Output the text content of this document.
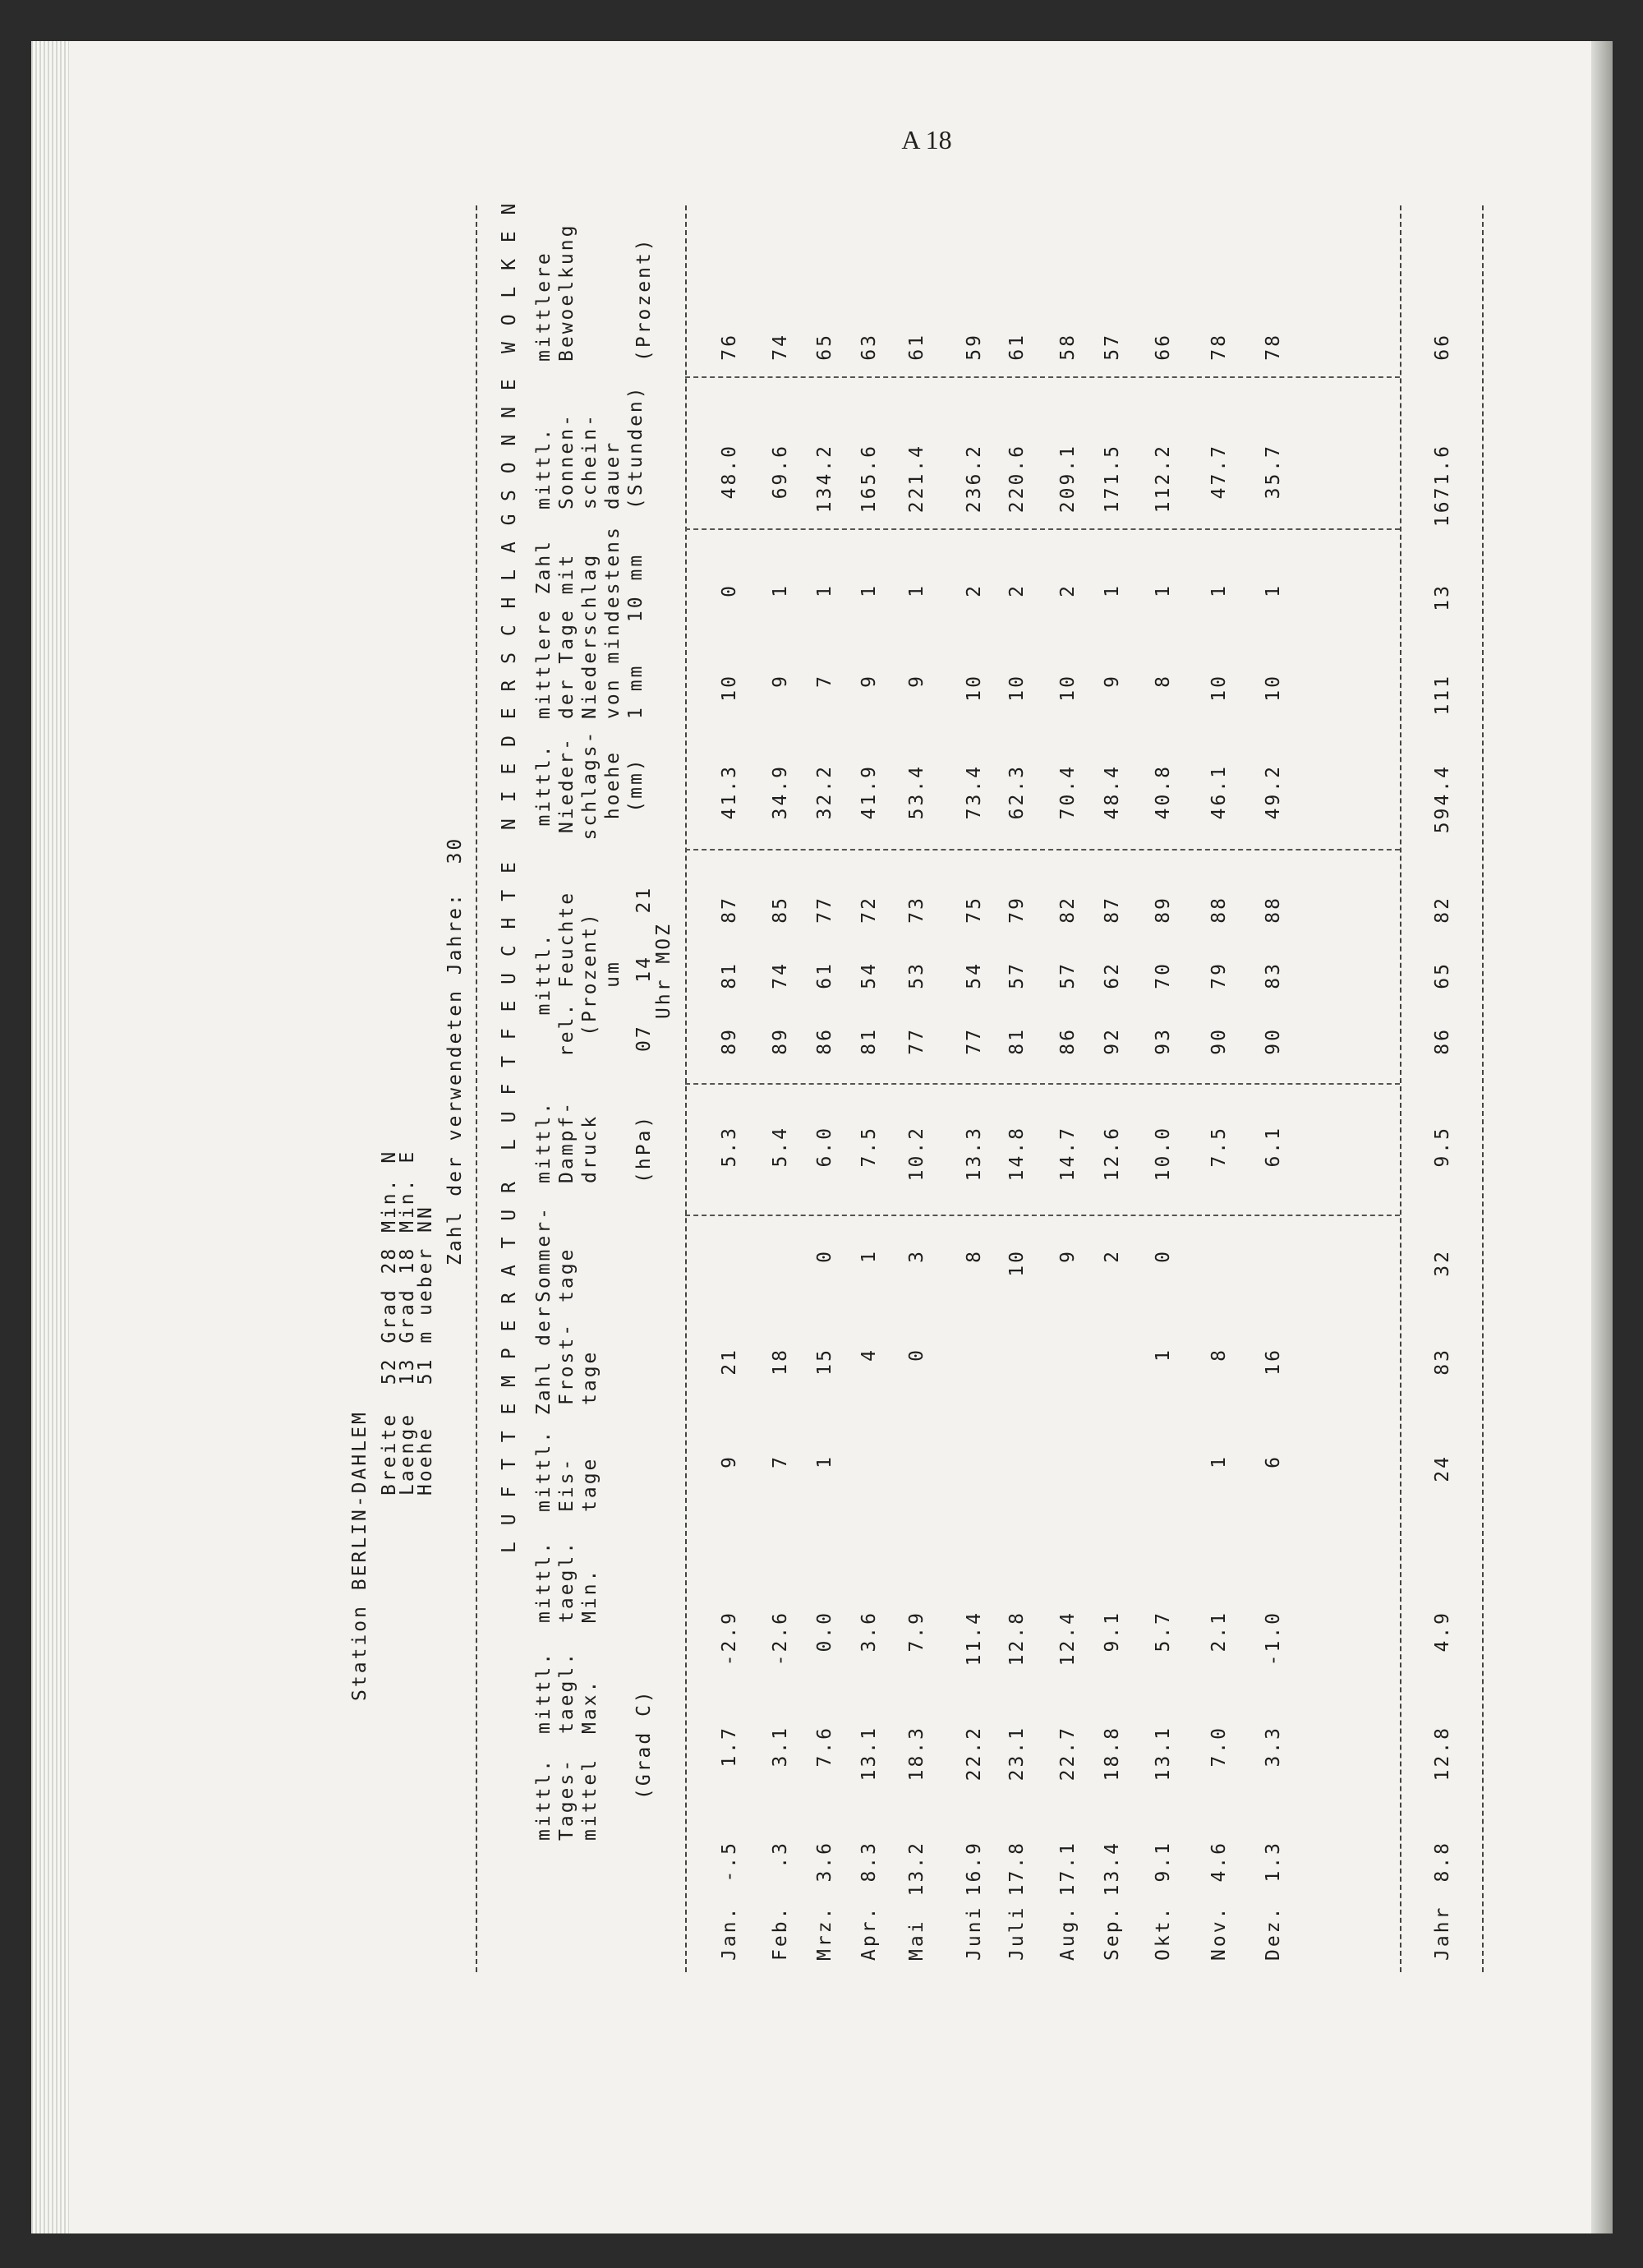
A 18
Station BERLIN-DAHLEM
Breite  52 Grad 28 Min. N
Laenge  13 Grad 18 Min. E
Hoehe   51 m ueber NN
Zahl der verwendeten Jahre:  30
L U F T T E M P E R A T U R
L U F T F E U C H T E
N I E D E R S C H L A G
S O N N E
W O L K E N
mittl.
Tages-
mittel
mittl.
taegl.
Max.
mittl.
taegl.
Min.
mittl. Zahl der Eis-
tage
Frost-
tage
Sommer-
tage
(Grad C)
mittl.
Dampf-
druck (hPa)
mittl.
rel. Feuchte
(Prozent)
um 07   14   21
Uhr MOZ
mittl.
Nieder-
schlags-
hoehe
(mm)
mittlere Zahl
der Tage mit
Niederschlag
von mindestens
1 mm   10 mm
mittl.
Sonnen-
schein-
dauer
(Stunden)
mittlere
Bewoelkung	(Prozent)
Jan.
-.5
1.7
-2.9
9
21
5.3
89
81
87
41.3
10
0
48.0
76
Feb.
.3
3.1
-2.6
7
18
5.4
89
74
85
34.9
9
1
69.6
74
Mrz.
3.6
7.6
0.0
1
15
0
6.0
86
61
77
32.2
7
1
134.2
65
Apr.
8.3
13.1
3.6
4
1
7.5
81
54
72
41.9
9
1
165.6
63
Mai
13.2
18.3
7.9
0
3
10.2
77
53
73
53.4
9
1
221.4
61
Juni
16.9
22.2
11.4
8
13.3
77
54
75
73.4
10
2
236.2
59
Juli
17.8
23.1
12.8
10
14.8
81
57
79
62.3
10
2
220.6
61
Aug.
17.1
22.7
12.4
9
14.7
86
57
82
70.4
10
2
209.1
58
Sep.
13.4
18.8
9.1
2
12.6
92
62
87
48.4
9
1
171.5
57
Okt.
9.1
13.1
5.7
1
0
10.0
93
70
89
40.8
8
1
112.2
66
Nov.
4.6
7.0
2.1
1
8
7.5
90
79
88
46.1
10
1
47.7
78
Dez.
1.3
3.3
-1.0
6
16
6.1
90
83
88
49.2
10
1
35.7
78
Jahr
8.8
12.8
4.9
24
83
32
9.5
86
65
82
594.4
111
13
1671.6
66
